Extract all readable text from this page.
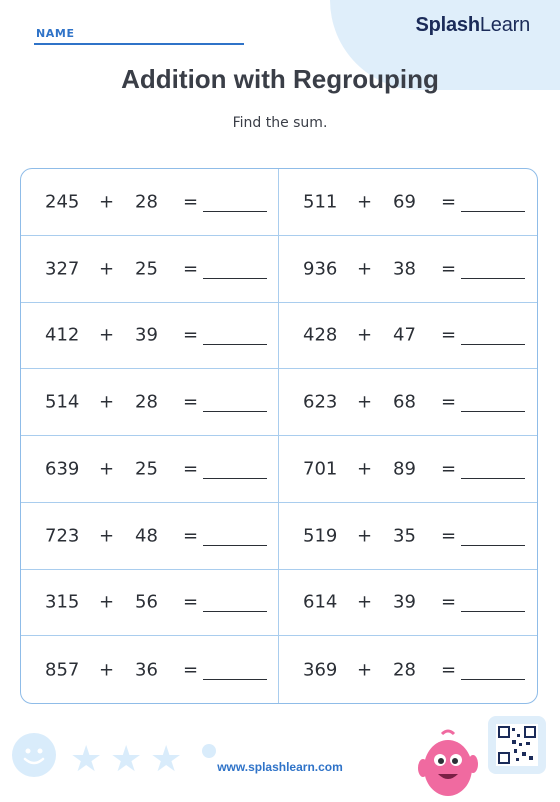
SplashLearn
NAME
Addition with Regrouping
Find the sum.
245 + 28 =	511 + 69 =
327 + 25 =	936 + 38 =
412 + 39 =	428 + 47 =
514 + 28 =	623 + 68 =
639 + 25 =	701 + 89 =
723 + 48 =	519 + 35 =
315 + 56 =	614 + 39 =
857 + 36 =	369 + 28 =
★ ★ ★	www.splashlearn.com
